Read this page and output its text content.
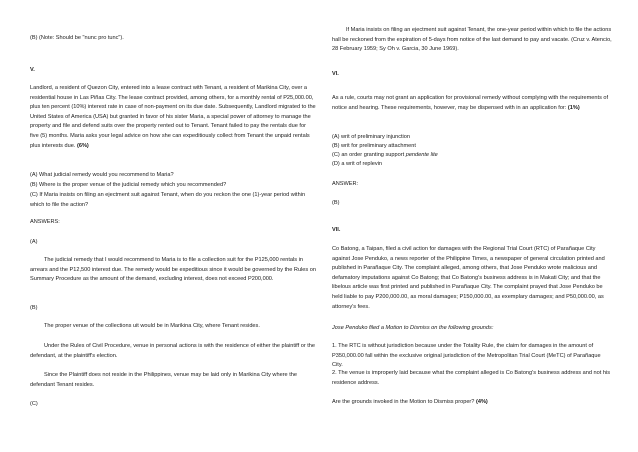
(B) (Note: Should be "nunc pro tunc").

V.

Landlord, a resident of Quezon City, entered into a lease contract with Tenant, a resident of Marikina City, over a residential house in Las Piñas City. The lease contract provided, among others, for a monthly rental of P25,000.00, plus ten percent (10%) interest rate in case of non-payment on its due date. Subsequently, Landlord migrated to the United States of America (USA) but granted in favor of his sister Maria, a special power of attorney to manage the property and file and defend suits over the property rented out to Tenant. Tenant failed to pay the rentals due for five (5) months. Maria asks your legal advice on how she can expeditiously collect from Tenant the unpaid rentals plus interests due. (6%)

(A) What judicial remedy would you recommend to Maria?

(B) Where is the proper venue of the judicial remedy which you recommended?

(C) If Maria insists on filing an ejectment suit against Tenant, when do you reckon the one (1)-year period within which to file the action?

ANSWERS:

(A)

The judicial remedy that I would recommend to Maria is to file a collection suit for the P125,000 rentals in arrears and the P12,500 interest due. The remedy would be expeditious since it would be governed by the Rules on Summary Procedure as the amount of the demand, excluding interest, does not exceed P200,000.

(B)

The proper venue of the collections uit would be in Marikina City, where Tenant resides.

Under the Rules of Civil Procedure, venue in personal actions is with the residence of either the plaintiff or the defendant, at the plaintiff's election.

Since the Plaintiff does not reside in the Philippines, venue may be laid only in Marikina City where the defendant Tenant resides.

(C)

If Maria insists on filing an ejectment suit against Tenant, the one-year period within which to file the actions hall be reckoned from the expiration of 5-days from notice of the last demand to pay and vacate. (Cruz v. Atencio, 28 February 1959; Sy Oh v. Garcia, 30 June 1969).

VI.

As a rule, courts may not grant an application for provisional remedy without complying with the requirements of notice and hearing. These requirements, however, may be dispensed with in an application for: (1%)

(A) writ of preliminary injunction

(B) writ for preliminary attachment

(C) an order granting support pendente lite

(D) a writ of replevin

ANSWER:

(B)

VII.

Co Batong, a Taipan, filed a civil action for damages with the Regional Trial Court (RTC) of Parañaque City against Jose Penduko, a news reporter of the Philippine Times, a newspaper of general circulation printed and published in Parañaque City. The complaint alleged, among others, that Jose Penduko wrote malicious and defamatory imputations against Co Batong; that Co Batong's business address is in Makati City; and that the libelous article was first printed and published in Parañaque City. The complaint prayed that Jose Penduko be held liable to pay P200,000.00, as moral damages; P150,000.00, as exemplary damages; and P50,000.00, as attorney's fees.

Jose Penduko filed a Motion to Dismiss on the following grounds:

1. The RTC is without jurisdiction because under the Totality Rule, the claim for damages in the amount of P350,000.00 fall within the exclusive original jurisdiction of the Metropolitan Trial Court (MeTC) of Parañaque City.

2. The venue is improperly laid because what the complaint alleged is Co Batong's business address and not his residence address.

Are the grounds invoked in the Motion to Dismiss proper? (4%)
